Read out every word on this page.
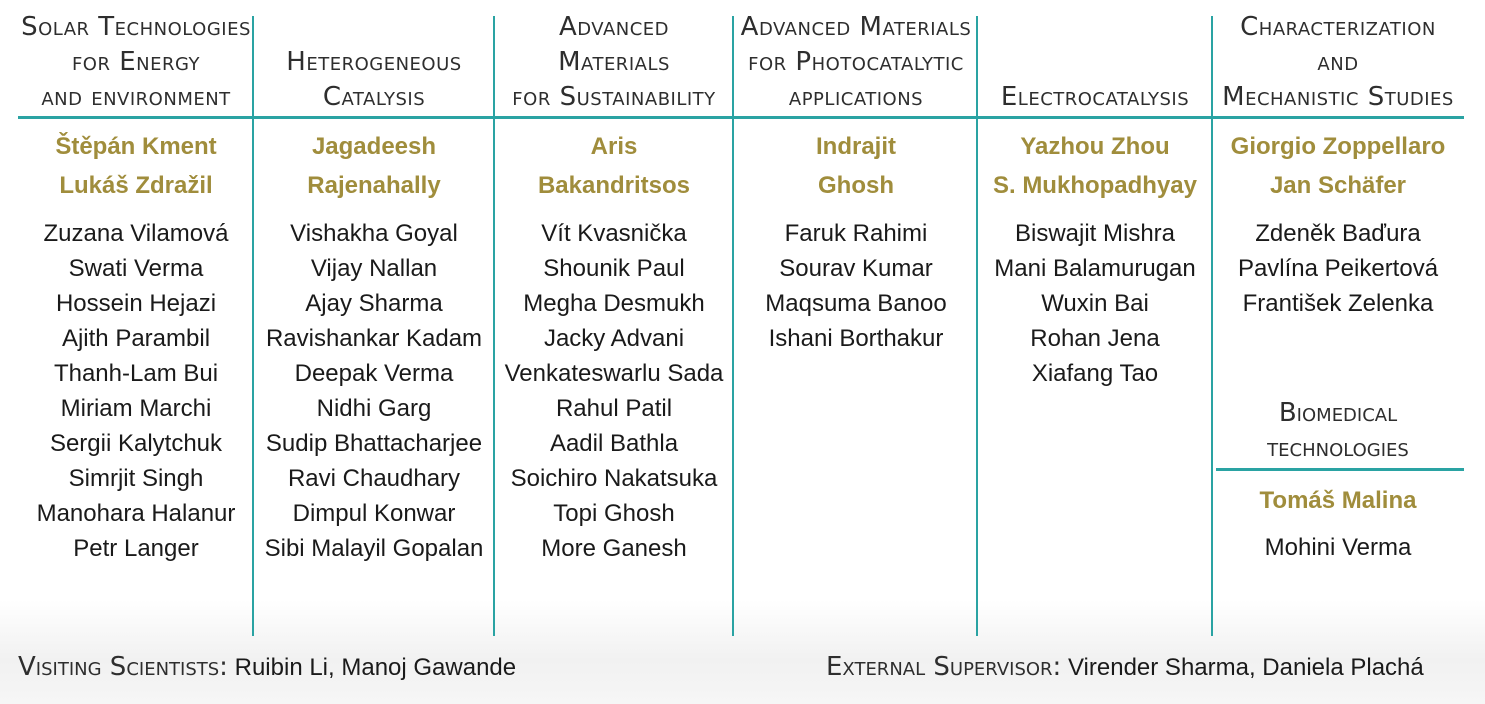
Solar Technologies
for Energy
and environment
Štěpán Kment
Lukáš Zdražil
Zuzana Vilamová
Swati Verma
Hossein Hejazi
Ajith Parambil
Thanh-Lam Bui
Miriam Marchi
Sergii Kalytchuk
Simrjit Singh
Manohara Halanur
Petr Langer
Heterogeneous
Catalysis
Jagadeesh
Rajenahally
Vishakha Goyal
Vijay Nallan
Ajay Sharma
Ravishankar Kadam
Deepak Verma
Nidhi Garg
Sudip Bhattacharjee
Ravi Chaudhary
Dimpul Konwar
Sibi Malayil Gopalan
Advanced
Materials
for Sustainability
Aris
Bakandritsos
Vít Kvasnička
Shounik Paul
Megha Desmukh
Jacky Advani
Venkateswarlu Sada
Rahul Patil
Aadil Bathla
Soichiro Nakatsuka
Topi Ghosh
More Ganesh
Advanced Materials
for Photocatalytic
applications
Indrajit
Ghosh
Faruk Rahimi
Sourav Kumar
Maqsuma Banoo
Ishani Borthakur
Electrocatalysis
Yazhou Zhou
S. Mukhopadhyay
Biswajit Mishra
Mani Balamurugan
Wuxin Bai
Rohan Jena
Xiafang Tao
Characterization
and
Mechanistic Studies
Giorgio Zoppellaro
Jan Schäfer
Zdeněk Baďura
Pavlína Peikertová
František Zelenka
Biomedical
technologies
Tomáš Malina
Mohini Verma
Visiting Scientists: Ruibin Li, Manoj Gawande	External Supervisor: Virender Sharma, Daniela Plachá
